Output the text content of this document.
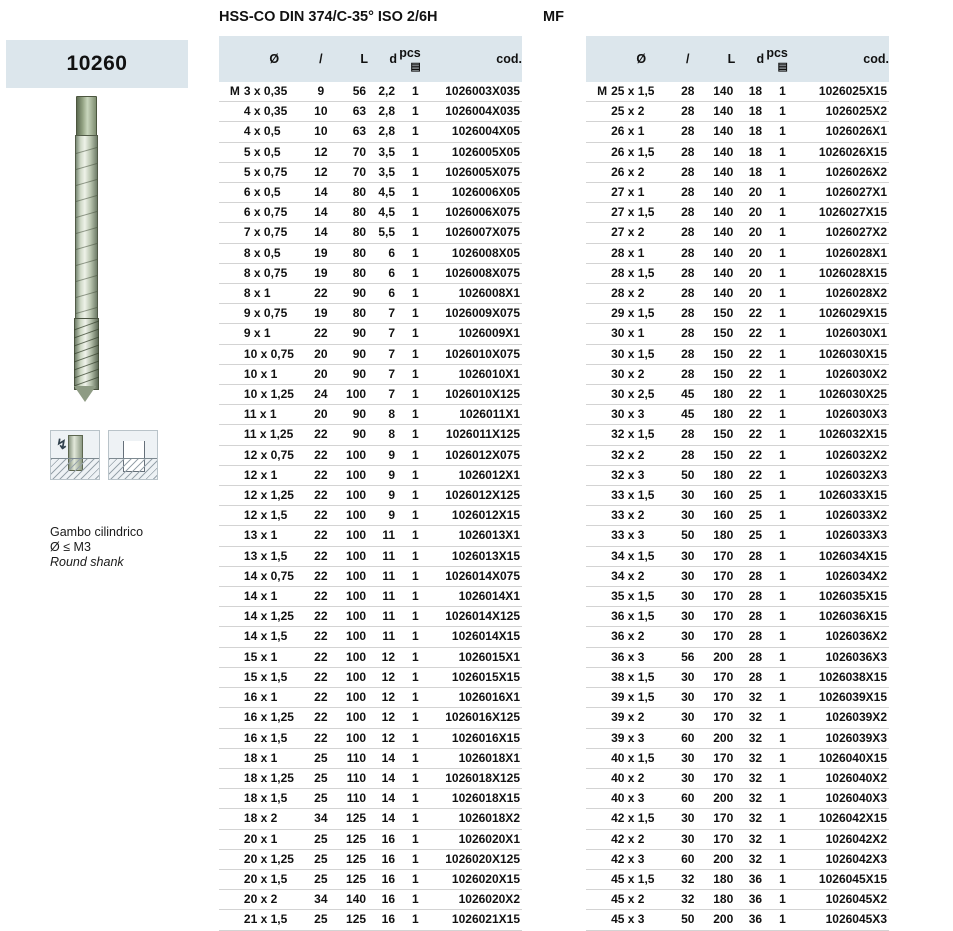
10260
↯
Gambo cilindrico
Ø ≤ M3
Round shank
HSS-CO DIN 374/C-35° ISO 2/6H	MF
	Ø	/	L	d	pcs
▤	cod.
M	3 x 0,35	9	56	2,2	1	1026003X035
	4 x 0,35	10	63	2,8	1	1026004X035
	4 x 0,5	10	63	2,8	1	1026004X05
	5 x 0,5	12	70	3,5	1	1026005X05
	5 x 0,75	12	70	3,5	1	1026005X075
	6 x 0,5	14	80	4,5	1	1026006X05
	6 x 0,75	14	80	4,5	1	1026006X075
	7 x 0,75	14	80	5,5	1	1026007X075
	8 x 0,5	19	80	6	1	1026008X05
	8 x 0,75	19	80	6	1	1026008X075
	8 x 1	22	90	6	1	1026008X1
	9 x 0,75	19	80	7	1	1026009X075
	9 x 1	22	90	7	1	1026009X1
	10 x 0,75	20	90	7	1	1026010X075
	10 x 1	20	90	7	1	1026010X1
	10 x 1,25	24	100	7	1	1026010X125
	11 x 1	20	90	8	1	1026011X1
	11 x 1,25	22	90	8	1	1026011X125
	12 x 0,75	22	100	9	1	1026012X075
	12 x 1	22	100	9	1	1026012X1
	12 x 1,25	22	100	9	1	1026012X125
	12 x 1,5	22	100	9	1	1026012X15
	13 x 1	22	100	11	1	1026013X1
	13 x 1,5	22	100	11	1	1026013X15
	14 x 0,75	22	100	11	1	1026014X075
	14 x 1	22	100	11	1	1026014X1
	14 x 1,25	22	100	11	1	1026014X125
	14 x 1,5	22	100	11	1	1026014X15
	15 x 1	22	100	12	1	1026015X1
	15 x 1,5	22	100	12	1	1026015X15
	16 x 1	22	100	12	1	1026016X1
	16 x 1,25	22	100	12	1	1026016X125
	16 x 1,5	22	100	12	1	1026016X15
	18 x 1	25	110	14	1	1026018X1
	18 x 1,25	25	110	14	1	1026018X125
	18 x 1,5	25	110	14	1	1026018X15
	18 x 2	34	125	14	1	1026018X2
	20 x 1	25	125	16	1	1026020X1
	20 x 1,25	25	125	16	1	1026020X125
	20 x 1,5	25	125	16	1	1026020X15
	20 x 2	34	140	16	1	1026020X2
	21 x 1,5	25	125	16	1	1026021X15
	Ø	/	L	d	pcs
▤	cod.
M	25 x 1,5	28	140	18	1	1026025X15
	25 x 2	28	140	18	1	1026025X2
	26 x 1	28	140	18	1	1026026X1
	26 x 1,5	28	140	18	1	1026026X15
	26 x 2	28	140	18	1	1026026X2
	27 x 1	28	140	20	1	1026027X1
	27 x 1,5	28	140	20	1	1026027X15
	27 x 2	28	140	20	1	1026027X2
	28 x 1	28	140	20	1	1026028X1
	28 x 1,5	28	140	20	1	1026028X15
	28 x 2	28	140	20	1	1026028X2
	29 x 1,5	28	150	22	1	1026029X15
	30 x 1	28	150	22	1	1026030X1
	30 x 1,5	28	150	22	1	1026030X15
	30 x 2	28	150	22	1	1026030X2
	30 x 2,5	45	180	22	1	1026030X25
	30 x 3	45	180	22	1	1026030X3
	32 x 1,5	28	150	22	1	1026032X15
	32 x 2	28	150	22	1	1026032X2
	32 x 3	50	180	22	1	1026032X3
	33 x 1,5	30	160	25	1	1026033X15
	33 x 2	30	160	25	1	1026033X2
	33 x 3	50	180	25	1	1026033X3
	34 x 1,5	30	170	28	1	1026034X15
	34 x 2	30	170	28	1	1026034X2
	35 x 1,5	30	170	28	1	1026035X15
	36 x 1,5	30	170	28	1	1026036X15
	36 x 2	30	170	28	1	1026036X2
	36 x 3	56	200	28	1	1026036X3
	38 x 1,5	30	170	28	1	1026038X15
	39 x 1,5	30	170	32	1	1026039X15
	39 x 2	30	170	32	1	1026039X2
	39 x 3	60	200	32	1	1026039X3
	40 x 1,5	30	170	32	1	1026040X15
	40 x 2	30	170	32	1	1026040X2
	40 x 3	60	200	32	1	1026040X3
	42 x 1,5	30	170	32	1	1026042X15
	42 x 2	30	170	32	1	1026042X2
	42 x 3	60	200	32	1	1026042X3
	45 x 1,5	32	180	36	1	1026045X15
	45 x 2	32	180	36	1	1026045X2
	45 x 3	50	200	36	1	1026045X3
